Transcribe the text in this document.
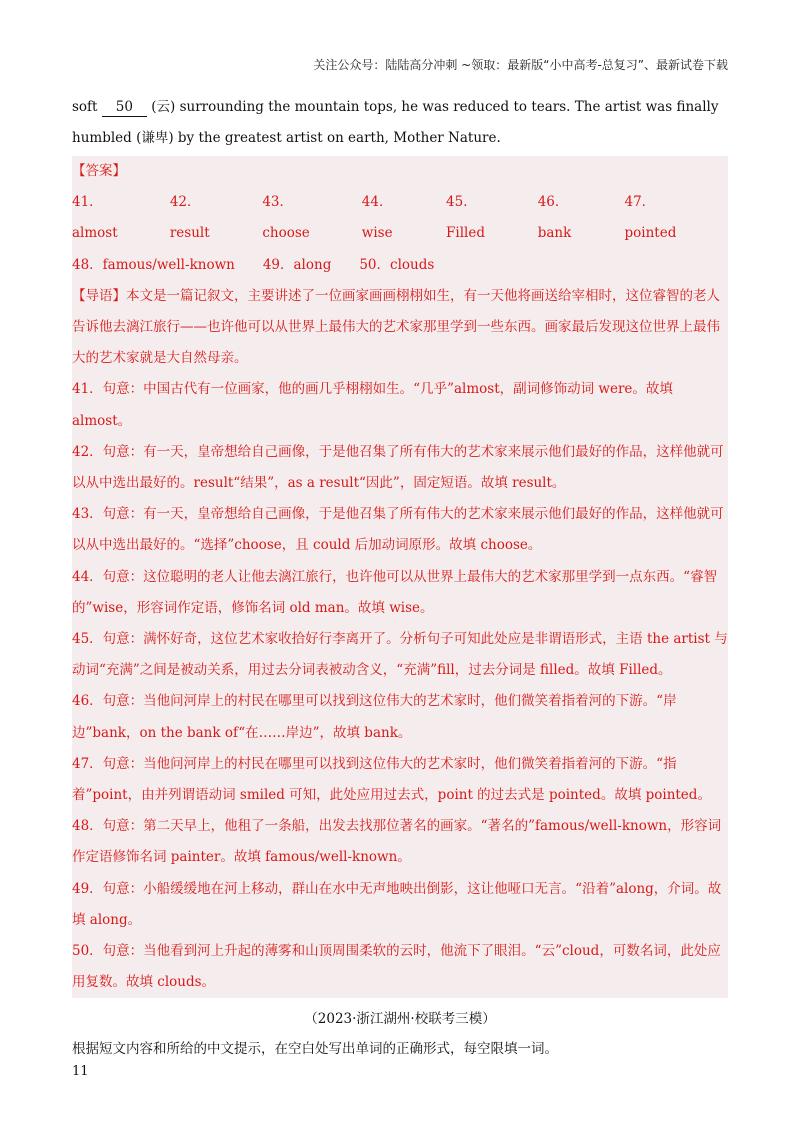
关注公众号：陆陆高分冲刺 ~领取：最新版“小中高考-总复习”、最新试卷下载

soft 50 (云) surrounding the mountain tops, he was reduced to tears. The artist was finally humbled (谦卑) by the greatest artist on earth, Mother Nature.

【答案】
41．almost
42．result
43．choose
44．wise
45．Filled
46．bank
47．pointed
48．famous/well-known 49．along 50．clouds

【导语】本文是一篇记叙文，主要讲述了一位画家画画栩栩如生，有一天他将画送给宰相时，这位睿智的老人告诉他去漓江旅行——也许他可以从世界上最伟大的艺术家那里学到一些东西。画家最后发现这位世界上最伟大的艺术家就是大自然母亲。

41．句意：中国古代有一位画家，他的画几乎栩栩如生。“几乎”almost，副词修饰动词 were。故填 almost。

42．句意：有一天，皇帝想给自己画像，于是他召集了所有伟大的艺术家来展示他们最好的作品，这样他就可以从中选出最好的。result“结果”，as a result“因此”，固定短语。故填 result。

43．句意：有一天，皇帝想给自己画像，于是他召集了所有伟大的艺术家来展示他们最好的作品，这样他就可以从中选出最好的。“选择”choose，且 could 后加动词原形。故填 choose。

44．句意：这位聪明的老人让他去漓江旅行，也许他可以从世界上最伟大的艺术家那里学到一点东西。“睿智的”wise，形容词作定语，修饰名词 old man。故填 wise。

45．句意：满怀好奇，这位艺术家收拾好行李离开了。分析句子可知此处应是非谓语形式，主语 the artist 与动词“充满”之间是被动关系，用过去分词表被动含义，“充满”fill，过去分词是 filled。故填 Filled。

46．句意：当他问河岸上的村民在哪里可以找到这位伟大的艺术家时，他们微笑着指着河的下游。“岸边”bank，on the bank of“在……岸边”，故填 bank。

47．句意：当他问河岸上的村民在哪里可以找到这位伟大的艺术家时，他们微笑着指着河的下游。“指着”point，由并列谓语动词 smiled 可知，此处应用过去式，point 的过去式是 pointed。故填 pointed。

48．句意：第二天早上，他租了一条船，出发去找那位著名的画家。“著名的”famous/well-known，形容词作定语修饰名词 painter。故填 famous/well-known。

49．句意：小船缓缓地在河上移动，群山在水中无声地映出倒影，这让他哑口无言。“沿着”along，介词。故填 along。

50．句意：当他看到河上升起的薄雾和山顶周围柔软的云时，他流下了眼泪。“云”cloud，可数名词，此处应用复数。故填 clouds。

（2023·浙江湖州·校联考三模）
根据短文内容和所给的中文提示，在空白处写出单词的正确形式，每空限填一词。
11
